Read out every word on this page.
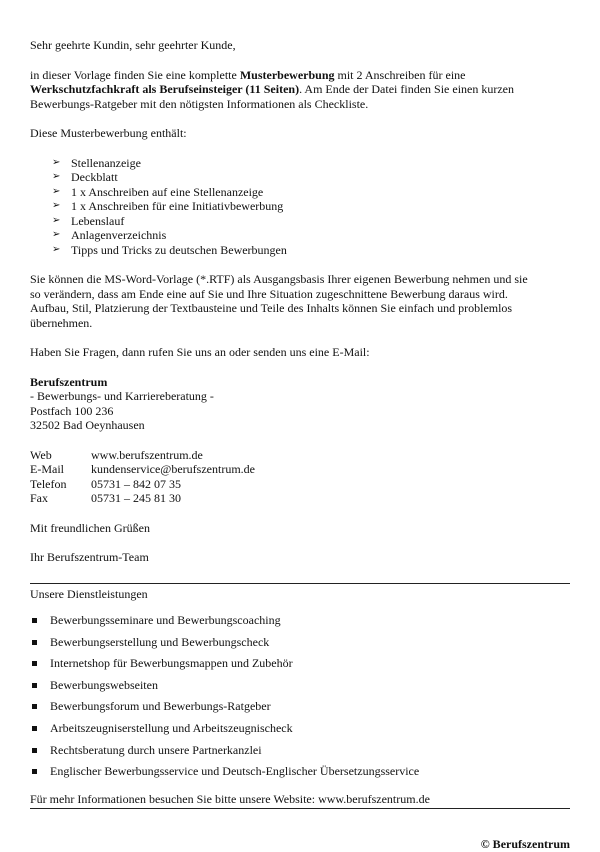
Sehr geehrte Kundin, sehr geehrter Kunde,

in dieser Vorlage finden Sie eine komplette Musterbewerbung mit 2 Anschreiben für eine
Werkschutzfachkraft als Berufseinsteiger (11 Seiten). Am Ende der Datei finden Sie einen kurzen
Bewerbungs-Ratgeber mit den nötigsten Informationen als Checkliste.

Diese Musterbewerbung enthält:

➢ Stellenanzeige
➢ Deckblatt
➢ 1 x Anschreiben auf eine Stellenanzeige
➢ 1 x Anschreiben für eine Initiativbewerbung
➢ Lebenslauf
➢ Anlagenverzeichnis
➢ Tipps und Tricks zu deutschen Bewerbungen

Sie können die MS-Word-Vorlage (*.RTF) als Ausgangsbasis Ihrer eigenen Bewerbung nehmen und sie
so verändern, dass am Ende eine auf Sie und Ihre Situation zugeschnittene Bewerbung daraus wird.
Aufbau, Stil, Platzierung der Textbausteine und Teile des Inhalts können Sie einfach und problemlos
übernehmen.

Haben Sie Fragen, dann rufen Sie uns an oder senden uns eine E-Mail:

Berufszentrum
- Bewerbungs- und Karriereberatung -
Postfach 100 236
32502 Bad Oeynhausen

Web	www.berufszentrum.de
E-Mail	kundenservice@berufszentrum.de
Telefon	05731 – 842 07 35
Fax	05731 – 245 81 30

Mit freundlichen Grüßen

Ihr Berufszentrum-Team

Unsere Dienstleistungen

Bewerbungsseminare und Bewerbungscoaching
Bewerbungserstellung und Bewerbungscheck
Internetshop für Bewerbungsmappen und Zubehör
Bewerbungswebseiten
Bewerbungsforum und Bewerbungs-Ratgeber
Arbeitszeugniserstellung und Arbeitszeugnischeck
Rechtsberatung durch unsere Partnerkanzlei
Englischer Bewerbungsservice und Deutsch-Englischer Übersetzungsservice

Für mehr Informationen besuchen Sie bitte unsere Website: www.berufszentrum.de

© Berufszentrum
